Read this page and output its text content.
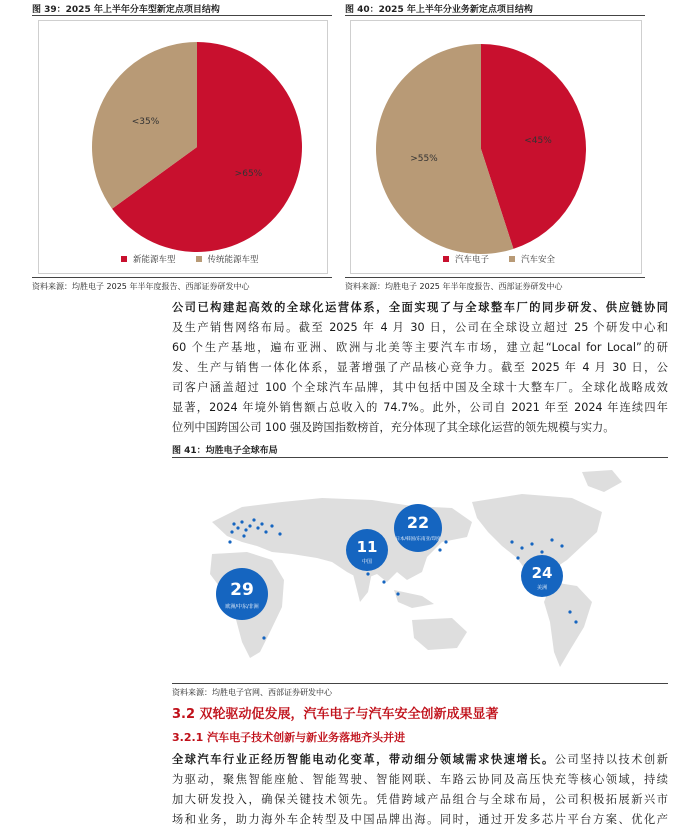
图 39：2025 年上半年分车型新定点项目结构
>65%
<35%
新能源车型	传统能源车型
资料来源：均胜电子 2025 年半年度报告、西部证券研发中心
图 40：2025 年上半年分业务新定点项目结构
<45%
>55%
汽车电子	汽车安全
资料来源：均胜电子 2025 年半年度报告、西部证券研发中心
公司已构建起高效的全球化运营体系，全面实现了与全球整车厂的同步研发、供应链协同
及生产销售网络布局。截至 2025 年 4 月 30 日，公司在全球设立超过 25 个研发中心和
60 个生产基地，遍布亚洲、欧洲与北美等主要汽车市场，建立起“Local for Local”的研
发、生产与销售一体化体系，显著增强了产品核心竞争力。截至 2025 年 4 月 30 日，公
司客户涵盖超过 100 个全球汽车品牌，其中包括中国及全球十大整车厂。全球化战略成效
显著，2024 年境外销售额占总收入的 74.7%。此外，公司自 2021 年至 2024 年连续四年
位列中国跨国公司 100 强及跨国指数榜首，充分体现了其全球化运营的领先规模与实力。
图 41：均胜电子全球布局
29
欧洲/中东/非洲
11
中国
22
日本/韩国/东南亚/印度
24
美洲
资料来源：均胜电子官网、西部证券研发中心
3.2 双轮驱动促发展，汽车电子与汽车安全创新成果显著
3.2.1 汽车电子技术创新与新业务落地齐头并进
全球汽车行业正经历智能电动化变革，带动细分领域需求快速增长。公司坚持以技术创新
为驱动，聚焦智能座舱、智能驾驶、智能网联、车路云协同及高压快充等核心领域，持续
加大研发投入，确保关键技术领先。凭借跨域产品组合与全球布局，公司积极拓展新兴市
场和业务，助力海外车企转型及中国品牌出海。同时，通过开发多芯片平台方案、优化产
